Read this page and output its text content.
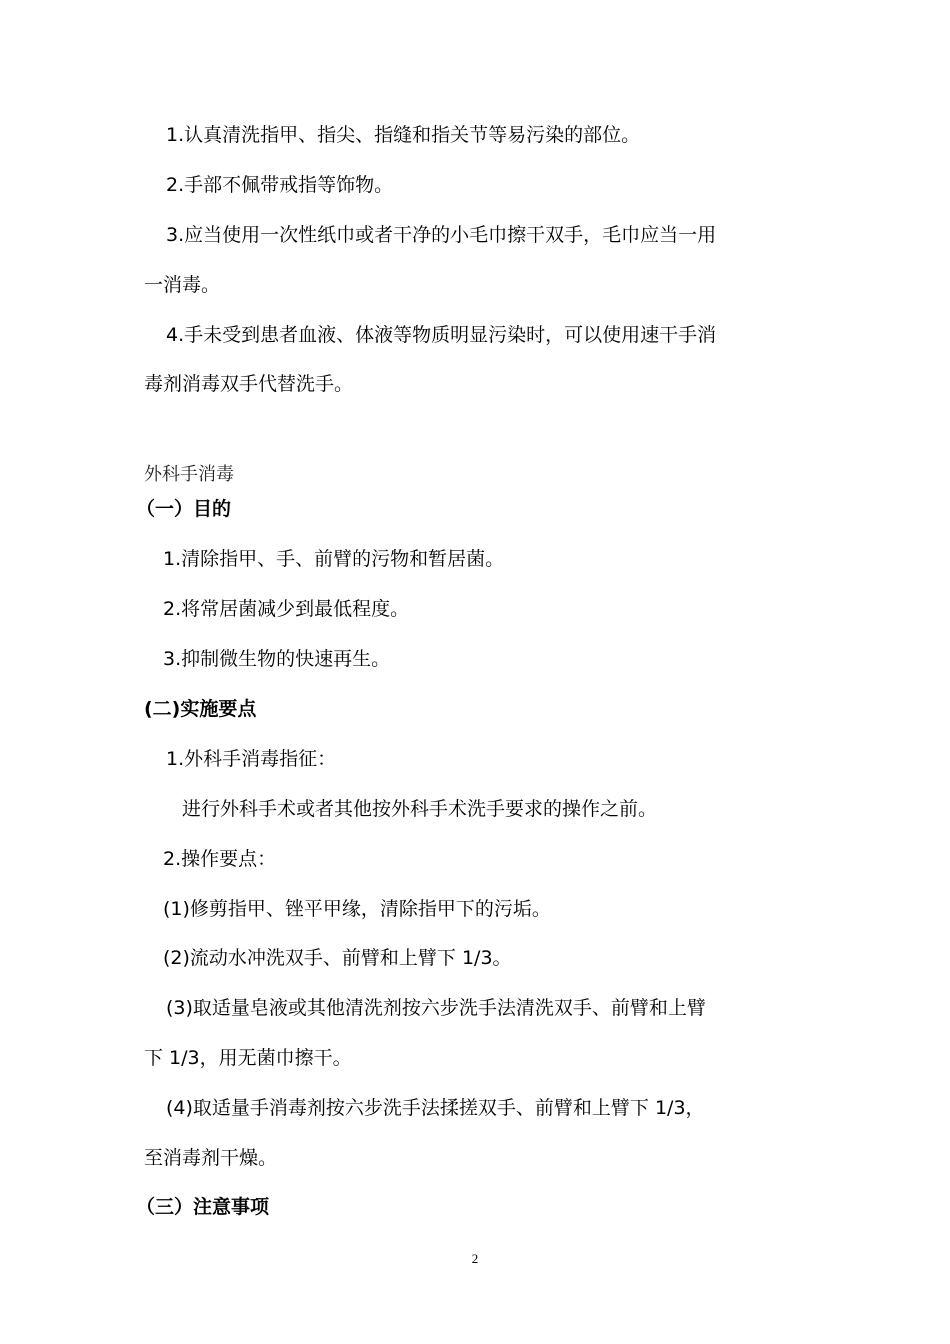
1.认真清洗指甲、指尖、指缝和指关节等易污染的部位。
2.手部不佩带戒指等饰物。
3.应当使用一次性纸巾或者干净的小毛巾擦干双手，毛巾应当一用
一消毒。
4.手未受到患者血液、体液等物质明显污染时，可以使用速干手消
毒剂消毒双手代替洗手。
外科手消毒
（一）目的
1.清除指甲、手、前臂的污物和暂居菌。
2.将常居菌减少到最低程度。
3.抑制微生物的快速再生。
(二)实施要点
1.外科手消毒指征：
进行外科手术或者其他按外科手术洗手要求的操作之前。
2.操作要点：
(1)修剪指甲、锉平甲缘，清除指甲下的污垢。
(2)流动水冲洗双手、前臂和上臂下 1/3。
(3)取适量皂液或其他清洗剂按六步洗手法清洗双手、前臂和上臂
下 1/3，用无菌巾擦干。
(4)取适量手消毒剂按六步洗手法揉搓双手、前臂和上臂下 1/3，
至消毒剂干燥。
（三）注意事项
2
